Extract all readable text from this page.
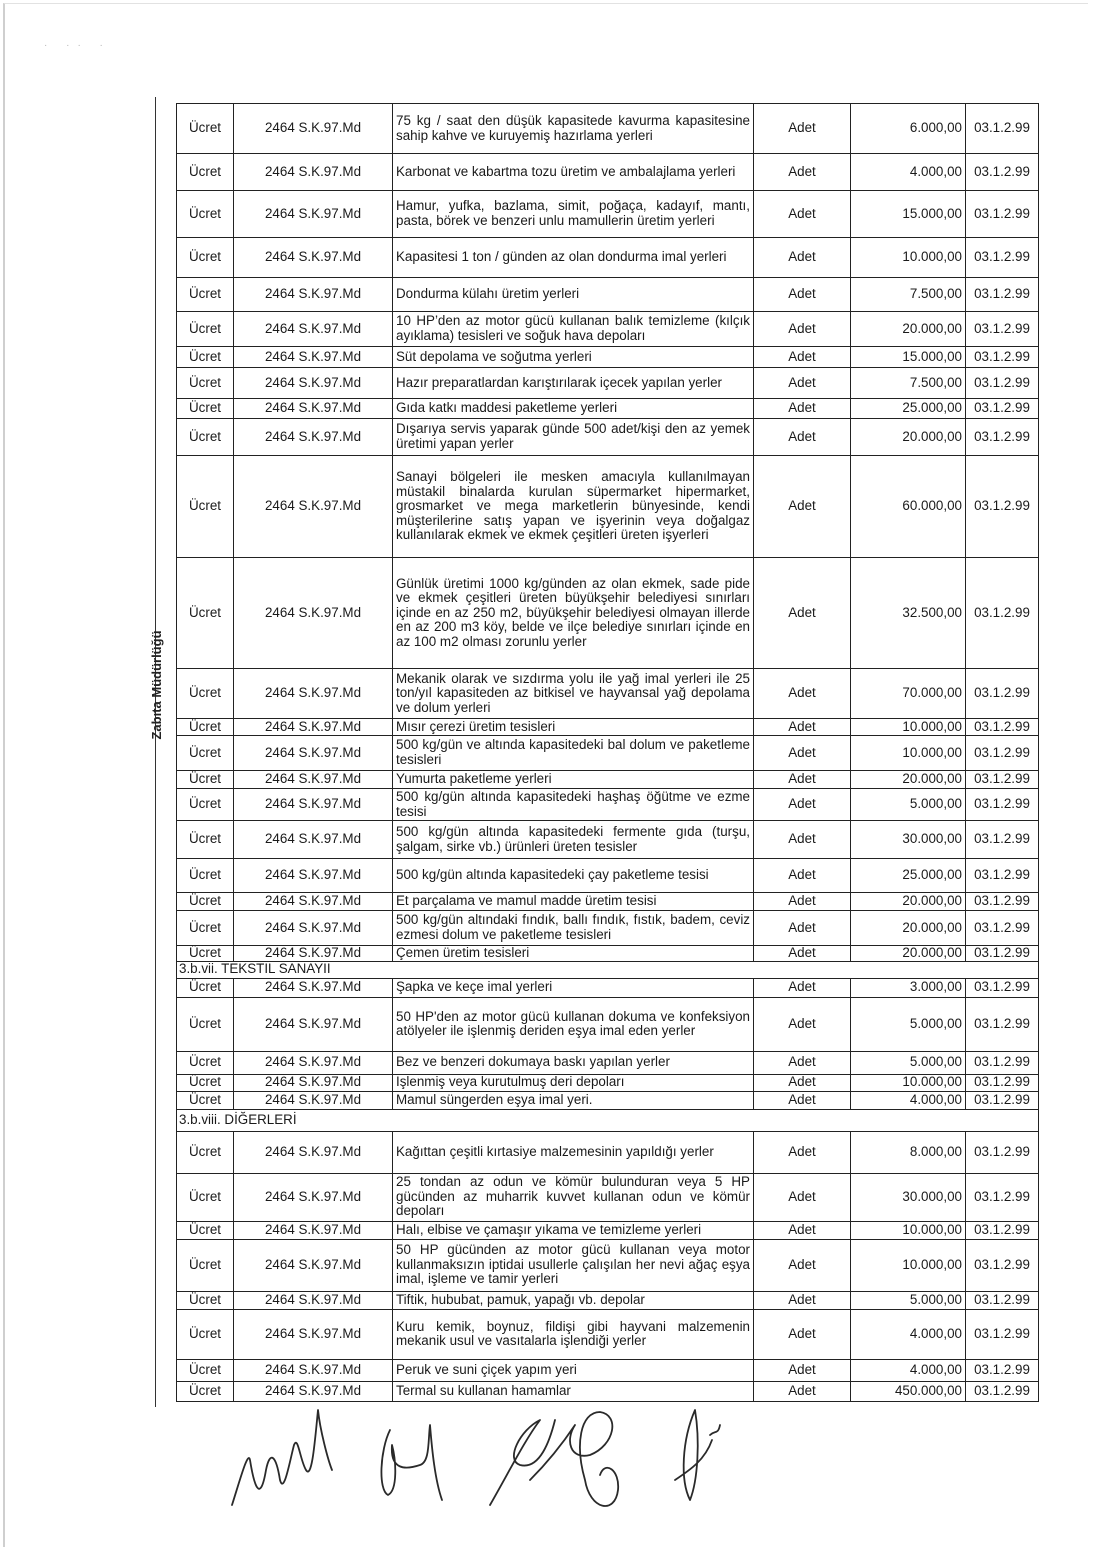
· ·· ·
Zabıta Müdürlüğü
Ücret	2464 S.K.97.Md	75 kg / saat den düşük kapasitede kavurma kapasitesine sahip kahve ve kuruyemiş hazırlama yerleri	Adet	6.000,00	03.1.2.99
Ücret	2464 S.K.97.Md	Karbonat ve kabartma tozu üretim ve ambalajlama yerleri	Adet	4.000,00	03.1.2.99
Ücret	2464 S.K.97.Md	Hamur, yufka, bazlama, simit, poğaça, kadayıf, mantı, pasta, börek ve benzeri unlu mamullerin üretim yerleri	Adet	15.000,00	03.1.2.99
Ücret	2464 S.K.97.Md	Kapasitesi 1 ton / günden az olan dondurma imal yerleri	Adet	10.000,00	03.1.2.99
Ücret	2464 S.K.97.Md	Dondurma külahı üretim yerleri	Adet	7.500,00	03.1.2.99
Ücret	2464 S.K.97.Md	10 HP’den az motor gücü kullanan balık temizleme (kılçık ayıklama) tesisleri ve soğuk hava depoları	Adet	20.000,00	03.1.2.99
Ücret	2464 S.K.97.Md	Süt depolama ve soğutma yerleri	Adet	15.000,00	03.1.2.99
Ücret	2464 S.K.97.Md	Hazır preparatlardan karıştırılarak içecek yapılan yerler	Adet	7.500,00	03.1.2.99
Ücret	2464 S.K.97.Md	Gıda katkı maddesi paketleme yerleri	Adet	25.000,00	03.1.2.99
Ücret	2464 S.K.97.Md	Dışarıya servis yaparak günde 500 adet/kişi den az yemek üretimi yapan yerler	Adet	20.000,00	03.1.2.99
Ücret	2464 S.K.97.Md	Sanayi bölgeleri ile mesken amacıyla kullanılmayan müstakil binalarda kurulan süpermarket hipermarket, grosmarket ve mega marketlerin bünyesinde, kendi müşterilerine satış yapan ve işyerinin veya doğalgaz kullanılarak ekmek ve ekmek çeşitleri üreten işyerleri	Adet	60.000,00	03.1.2.99
Ücret	2464 S.K.97.Md	Günlük üretimi 1000 kg/günden az olan ekmek, sade pide ve ekmek çeşitleri üreten büyükşehir belediyesi sınırları içinde en az 250 m2, büyükşehir belediyesi olmayan illerde en az 200 m3 köy, belde ve ilçe belediye sınırları içinde en az 100 m2 olması zorunlu yerler	Adet	32.500,00	03.1.2.99
Ücret	2464 S.K.97.Md	Mekanik olarak ve sızdırma yolu ile yağ imal yerleri ile 25 ton/yıl kapasiteden az bitkisel ve hayvansal yağ depolama ve dolum yerleri	Adet	70.000,00	03.1.2.99
Ücret	2464 S.K.97.Md	Mısır çerezi üretim tesisleri	Adet	10.000,00	03.1.2.99
Ücret	2464 S.K.97.Md	500 kg/gün ve altında kapasitedeki bal dolum ve paketleme tesisleri	Adet	10.000,00	03.1.2.99
Ücret	2464 S.K.97.Md	Yumurta paketleme yerleri	Adet	20.000,00	03.1.2.99
Ücret	2464 S.K.97.Md	500 kg/gün altında kapasitedeki haşhaş öğütme ve ezme tesisi	Adet	5.000,00	03.1.2.99
Ücret	2464 S.K.97.Md	500 kg/gün altında kapasitedeki fermente gıda (turşu, şalgam, sirke vb.) ürünleri üreten tesisler	Adet	30.000,00	03.1.2.99
Ücret	2464 S.K.97.Md	500 kg/gün altında kapasitedeki çay paketleme tesisi	Adet	25.000,00	03.1.2.99
Ücret	2464 S.K.97.Md	Et parçalama ve mamul madde üretim tesisi	Adet	20.000,00	03.1.2.99
Ücret	2464 S.K.97.Md	500 kg/gün altındaki fındık, ballı fındık, fıstık, badem, ceviz ezmesi dolum ve paketleme tesisleri	Adet	20.000,00	03.1.2.99
Ücret	2464 S.K.97.Md	Çemen üretim tesisleri	Adet	20.000,00	03.1.2.99
3.b.vii. TEKSTİL SANAYİİ					
Ücret	2464 S.K.97.Md	Şapka ve keçe imal yerleri	Adet	3.000,00	03.1.2.99
Ücret	2464 S.K.97.Md	50 HP'den az motor gücü kullanan dokuma ve konfeksiyon atölyeler ile işlenmiş deriden eşya imal eden yerler	Adet	5.000,00	03.1.2.99
Ücret	2464 S.K.97.Md	Bez ve benzeri dokumaya baskı yapılan yerler	Adet	5.000,00	03.1.2.99
Ücret	2464 S.K.97.Md	İşlenmiş veya kurutulmuş deri depoları	Adet	10.000,00	03.1.2.99
Ücret	2464 S.K.97.Md	Mamul süngerden eşya imal yeri.	Adet	4.000,00	03.1.2.99
3.b.viii. DİĞERLERİ					
Ücret	2464 S.K.97.Md	Kağıttan çeşitli kırtasiye malzemesinin yapıldığı yerler	Adet	8.000,00	03.1.2.99
Ücret	2464 S.K.97.Md	25 tondan az odun ve kömür bulunduran veya 5 HP gücünden az muharrik kuvvet kullanan odun ve kömür depoları	Adet	30.000,00	03.1.2.99
Ücret	2464 S.K.97.Md	Halı, elbise ve çamaşır yıkama ve temizleme yerleri	Adet	10.000,00	03.1.2.99
Ücret	2464 S.K.97.Md	50 HP gücünden az motor gücü kullanan veya motor kullanmaksızın iptidai usullerle çalışılan her nevi ağaç eşya imal, işleme ve tamir yerleri	Adet	10.000,00	03.1.2.99
Ücret	2464 S.K.97.Md	Tiftik, hububat, pamuk, yapağı vb. depolar	Adet	5.000,00	03.1.2.99
Ücret	2464 S.K.97.Md	Kuru kemik, boynuz, fildişi gibi hayvani malzemenin mekanik usul ve vasıtalarla işlendiği yerler	Adet	4.000,00	03.1.2.99
Ücret	2464 S.K.97.Md	Peruk ve suni çiçek yapım yeri	Adet	4.000,00	03.1.2.99
Ücret	2464 S.K.97.Md	Termal su kullanan hamamlar	Adet	450.000,00	03.1.2.99
